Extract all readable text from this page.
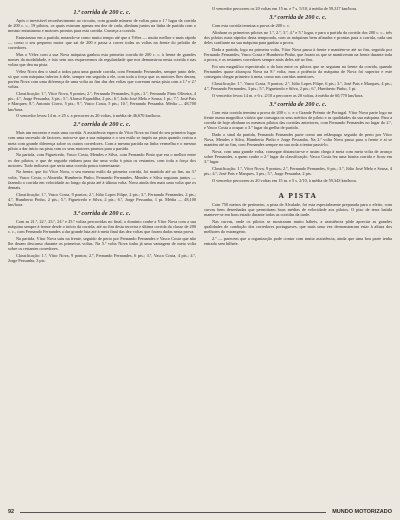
1.ª corrida de 200 c. c.

Após o inevitável reconhecimento ao circuito, com grande número de voltas para o 1.º lugar da corrida de 200 c. c., 19 pilotos, os quais estavam apenas em dez de cada, alinham juntos na linha de partida com o mesmo entusiasmo e motores prontos para esta corrida. Começa a corrida.

Entusiasmo em a partida, notando-se como muito tempo até que a Vélez — muito melhor e mais rápido — como o seu pequeno motor que sai de 200 e passa a correr todas as voltas na frente do pelotão de corredores.

Mas o Vélez com a sua Nova máquina ganhou esta primeira corrida de 200 c. c. à frente de grandes nomes da modalidade, e isto sem nos esquecermos da regularidade que nos demonstrou nesta corrida e nas voltas que deu na pista.

Vélez Nova deu o sinal a todos para uma grande corrida, com Fernando Fernandes, sempre junto dele, só que com máquina inferior à dele, sempre em seguida a ele, com toda a força que os motores lhes deram, porém Nova com uma diferença de uma volta ao fim das dez voltas que correram nesta pista com a 1.ª e 2.ª voltas.

Classificação: 1.º, Vítor Nova, 9 pontos; 2.º, Fernando Fernandes, 6 pts.; 3.º, Fernando Pinto Oliveira, 4 pts.; 4.º, Jorge Pessanha, 3 pts.; 5.º, Afonso Espadilha, 2 pts.; 6.º, João José Melo e Sousa, 1 pt.; 7.º, José Pais e Marques; 8.º, Antonio Cravo, 5 pts.; 9.º, Vasco Costa, 5 pts.; 10.º, Fernando Pessanha. Média — 48,700 km/hora.

O vencedor levou 14 m. e 25 s. a percorrer as 20 voltas, à média de 46,670 km/hora.

2.ª corrida de 200 c. c.

Mais um encontro e mais uma corrida. A assistência espera do Vítor Nova no final do seu primeiro lugar com uma sucessão de factores, notou-se que a sua máquina e o seu estilo se impôs na pista quando cortou a meta com grande diferença sobre os outros corredores. Com a mesma partida na linha vermelha e o mesmo piloto a dar início na pista com os seus motores prontos para a partida.

Na partida, com Figueiredo, Vasco Costa, Mendes e Silva, com Fernando Pinto que era o melhor entre os dez pilotos, e que de seguida vinham para dar uma volta à pista os restantes, com toda a força dos motores. Tudo indicava que seria uma corrida pouco interessante.

Na frente, que foi Vítor Nova, o seu mesmo estilo da primeira corrida, foi mantido até ao fim, na 3.ª volta, Vasco Costa, o Almeida, Humberto Pinho, Fernando Fernandes, Mendes e Silva seguiam juntos — fazendo a corrida em velocidade ao longo da pista até à última volta. Nova ainda deu mais uma volta que os demais.

Classificação: 1.º, Vasco Costa, 9 pontos; 2.º, Júlio Lopes Filipe, 2 pts.; 3.º, Fernando Fernandes, 2 pts.; 4.º, Humberto Pinho, 2 pts.; 5.º, Figueiredo e Silva, 2 pts.; 6.º, Jorge Pessanha, 1 pt. Média — 48,100 km/hora.

3.ª corrida de 200 c. c.

Com as 21.ª, 22.ª, 23.ª, 24.ª e 25.ª voltas percorridas no final, o domínio coube a Vítor Nova com a sua máquina sempre à frente desde o início da corrida, até ao fim desta terceira e última corrida da classe de 200 c. c., com Fernando Fernandes a dar grande luta até à meta final das dez voltas que foram dadas nesta prova.

Na partida, Vítor Nova saiu na frente, seguido de perto por Fernando Fernandes e Vasco Costa que não lhe deram descanso durante as primeiras voltas. Na 5.ª volta Nova tinha já uma vantagem de meia volta sobre os restantes corredores.

Classificação: 1.º, Vítor Nova, 9 pontos; 2.º, Fernando Fernandes, 6 pts.; 3.º, Vasco Costa, 4 pts.; 4.º, Jorge Pessanha, 3 pts.

O vencedor percorreu os 20 voltas em 15 m. e 7 s. 5/10, à média de 59,317 km/hora.

3.ª corrida de 200 c. c.

Com esta corrida termina a prova de 200 c. c.

Alinham os primeiros pilotos no 1.º, 2.º, 3.º, 4.º e 5.º lugar, e para a partida da corrida dos 200 c. c., três dos pilotos mais rápidos desta temporada, com as máquinas bem afinadas e prontas para a corrida, cada um deles confiante na sua máquina para ganhar a prova.

Dada a partida, logo na primeira volta, Vítor Nova passa à frente e mantém-se até ao fim, seguido por Fernando Fernandes, Vasco Costa e Humberto Pinho, que foram os que se mantiveram na frente durante toda a prova, e os restantes corredores sempre atrás deles até ao fim.

Foi um magnífico espectáculo o da luta entre os pilotos que se seguiam na frente da corrida, quando Fernandes quase alcançou Nova na 8.ª volta, mas a potência da máquina de Nova foi superior e este conseguiu chegar primeiro à meta, como nas corridas anteriores.

Classificação: 1.º, Vasco Costa, 9 pontos; 2.º, Júlio Lopes Filipe, 6 pts.; 3.º, José Pais e Marques, 4 pts.; 4.º, Fernando Fernandes, 3 pts.; 5.º, Figueiredo e Silva, 2 pts.; 6.º, Humberto Pinho, 1 pt.

O vencedor levou 14 m. e 6 s. 2/10 a percorrer as 20 voltas, à média de 60,770 km/hora.

3.ª corrida de 200 c. c.

Com esta corrida termina a prova de 200 c. c. e o Grande Prémio de Portugal. Vítor Nova parte logo na frente numa magnífica vitória que consagra os seus méritos de piloto e as qualidades da sua máquina. Para a corrida de hoje alinham os mesmos pilotos das corridas anteriores, com Fernando Fernandes no lugar do 2.º, e Vasco Costa a ocupar o 3.º lugar da grelha de partida.

Dado o sinal da partida, Fernando Fernandes parte como um relâmpago seguido de perto por Vítor Nova, Mendes e Silva, Humberto Pinho e Jorge Pessanha. Na 2.ª volta Nova passa para a frente e aí se mantém até ao fim, com Fernandes sempre na sua roda a tentar passá-lo.

Nova, com uma grande volta, consegue distanciar-se e assim chega à meta com meia volta de avanço sobre Fernandes, a quem coube o 2.º lugar da classificação. Vasco Costa fez uma bonita corrida e ficou em 3.º lugar.

Classificação: 1.º, Vítor Nova, 9 pontos; 2.º, Fernando Fernandes, 6 pts.; 3.º, Júlio José Melo e Sousa, 4 pts.; 4.º, José Pais e Marques, 3 pts.; 5.º, Jorge Pessanha, 2 pts.

O vencedor percorreu as 20 voltas em 15 m. e 5 s. 2/10, à média de 59,343 km/hora.

A PISTA

Com 750 metros de perímetro, a pista de Alvalade, foi esta especialmente preparada para o efeito, com curvas bem desenhadas que permitiram boas médias de velocidade aos pilotos. O piso de terra batida manteve-se em bom estado durante todas as corridas da tarde.

Nas curvas, onde os pilotos se mostraram muito hábeis, a assistência pôde apreciar as grandes qualidades de condução dos corredores portugueses, que mais uma vez demonstraram estar à altura dos melhores do estrangeiro.

2.º — parecem que a organização pode contar com muita assistência, ainda que uma boa parte tenha entrado sem bilhete.

92	MUNDO MOTORIZADO
